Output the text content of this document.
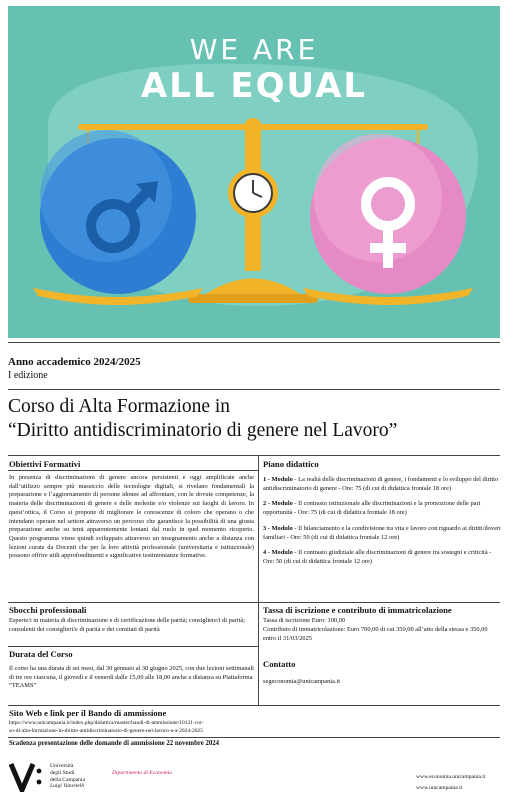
WE ARE
ALL EQUAL
Anno accademico 2024/2025
I edizione
Corso di Alta Formazione in
“Diritto antidiscriminatorio di genere nel Lavoro”
Obiettivi Formativi

In presenza di discriminazioni di genere ancora persistenti e oggi amplificate anche dall’utilizzo sempre più massiccio delle tecnologie digitali, si rivelano fondamentali la preparazione e l’aggiornamento di persone idonee ad affrontare, con le dovute competenze, la materia delle discriminazioni di genere e delle molestie e/o violenze sui luoghi di lavoro. In quest’ottica, il Corso si propone di migliorare le conoscenze di coloro che operano o che intendano operare nel settore attraverso un percorso che garantisce la possibilità di una giusta preparazione anche su temi apparentemente lontani dal ruolo in quel momento ricoperto. Questo programma viene quindi sviluppato attraverso un insegnamento anche a distanza con lezioni curate da Docenti che per la loro attività professionale (universitaria e istituzionale) possono offrire utili approfondimenti e significative testimonianze formative.

Piano didattico

1 - Modulo - La realtà delle discriminazioni di genere, i fondamenti e lo sviluppo del diritto antidiscriminatorio di genere - Ore: 75 (di cui di didattica frontale 18 ore)

2 - Modulo - Il contrasto istituzionale alle discriminazioni e la promozione delle pari opportunità - Ore: 75 (di cui di didattica frontale 18 ore)

3 - Modulo - Il bilanciamento e la condivisione tra vita e lavoro con riguardo ai diritti/doveri familiari - Ore: 50 (di cui di didattica frontale 12 ore)

4 - Modulo - Il contrasto giudiziale alle discriminazioni di genere tra sostegni e criticità - Ore: 50 (di cui di didattica frontale 12 ore)

Sbocchi professionali

Esperte/i in materia di discriminazione e di certificazione delle parità; consigliere/i di parità; consulenti dei consiglieri/e di parità e dei comitati di parità

Tassa di iscrizione e contributo di immatricolazione

Tassa di iscrizione Euro: 100,00

Contributo di immatricolazione: Euro 700,00 di cui 350,00 all’atto della stessa e 350,00 entro il 31/03/2025

Durata del Corso

Il corso ha una durata di sei mesi, dal 30 gennaio al 30 giugno 2025, con due lezioni settimanali di tre ore ciascuna, il giovedì e il venerdì dalle 15,00 alle 18,00 anche a distanza su Piattaforma “TEAMS”

Contatto
segeconomia@unicampania.it
Sito Web e link per il Bando di ammissione
https://www.unicampania.it/index.php/didattica/master/bandi-di-ammissione/10121-cor-
so-di-alta-formazione-in-diritto-antidiscriminatorio-di-genere-nel-lavoro-a-a-2024-2025
Scadenza presentazione delle domande di ammissione 22 novembre 2024
Università
degli Studi
della Campania
Luigi Vanvitelli
Dipartimento di Economia
www.economia.unicampania.it
www.unicampania.it
